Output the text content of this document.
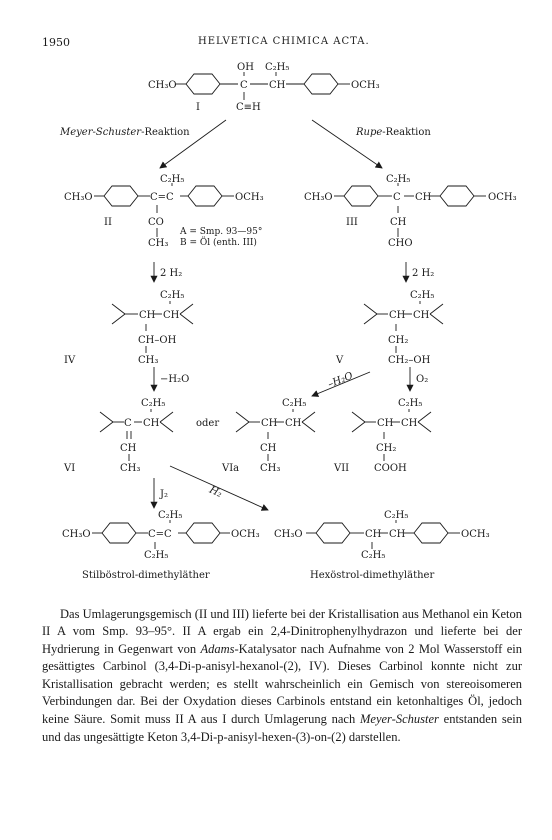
1950	HELVETICA CHIMICA ACTA.
CH₃O	C CH	OCH₃
OH C₂H₅
C≡H
I
Meyer-Schuster-Reaktion	Rupe-Reaktion
CH₃O	C=C	OCH₃
C₂H₅
CO
CH₃
II
A = Smp. 93—95°
B = Öl (enth. III)
CH₃O	C CH	OCH₃
C₂H₅
CH
CHO
III
2 H₂	2 H₂
C₂H₅
CH CH
CH–OH
CH₃
IV
C₂H₅
CH CH
CH₂
CH₂–OH
V
−H₂O	–H₂O	O₂
C₂H₅
C CH
CH
CH₃
VI
oder
C₂H₅
CH CH
CH
CH₃
VIa
C₂H₅
CH CH
CH₂
COOH
VII
J₂	H₂
CH₃O	C=C	OCH₃
C₂H₅
C₂H₅
Stilböstrol-dimethyläther
CH₃O	CH CH	OCH₃
C₂H₅
C₂H₅
Hexöstrol-dimethyläther

Das Umlagerungsgemisch (II und III) lieferte bei der Kristallisation aus Methanol ein Keton II A vom Smp. 93–95°. II A ergab ein 2,4-Dinitrophenylhydrazon und lieferte bei der Hydrierung in Gegenwart von Adams-Katalysator nach Aufnahme von 2 Mol Wasserstoff ein gesättigtes Carbinol (3,4-Di-p-anisyl-hexanol-(2), IV). Dieses Carbinol konnte nicht zur Kristallisation gebracht werden; es stellt wahrscheinlich ein Gemisch von stereoisomeren Verbindungen dar. Bei der Oxydation dieses Carbinols entstand ein ketonhaltiges Öl, jedoch keine Säure. Somit muss II A aus I durch Umlagerung nach Meyer-Schuster entstanden sein und das ungesättigte Keton 3,4-Di-p-anisyl-hexen-(3)-on-(2) darstellen.
